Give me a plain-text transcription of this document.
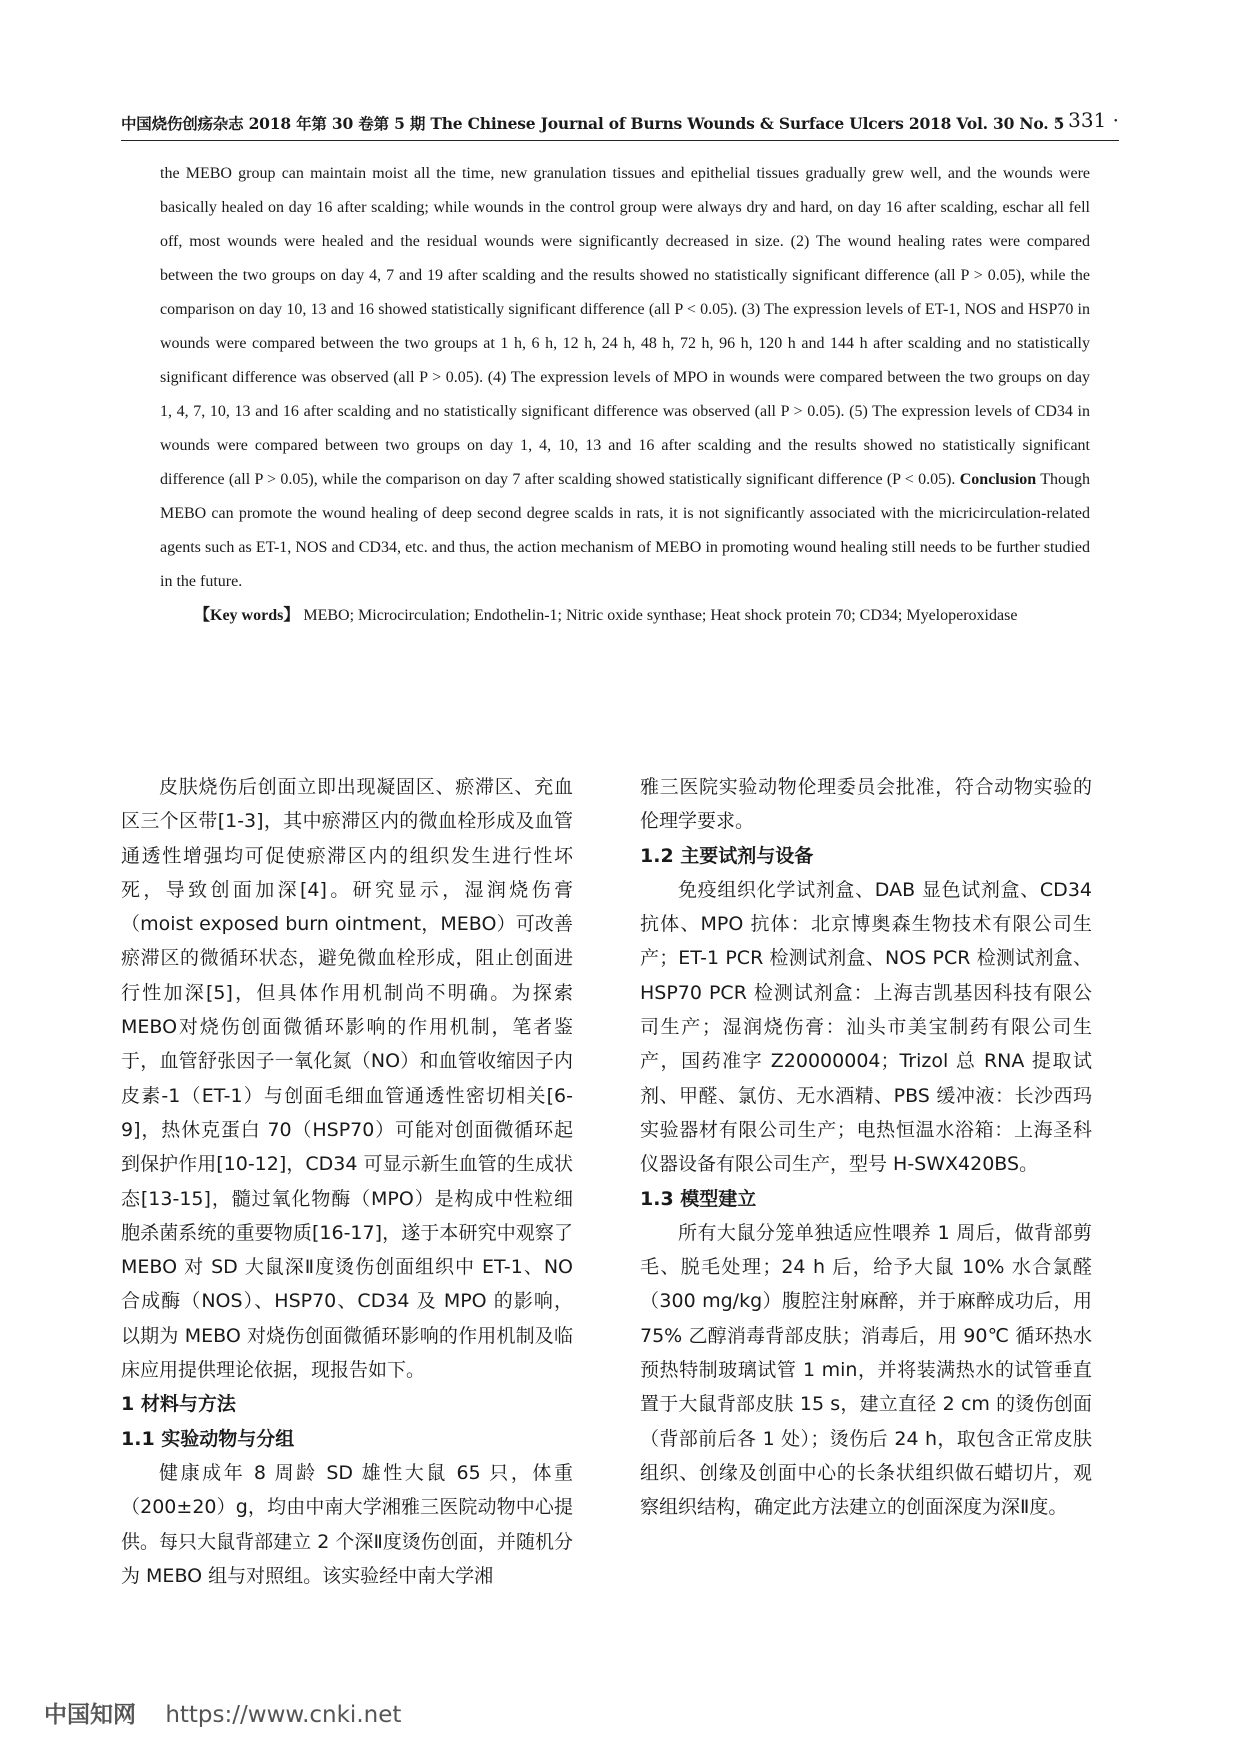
中国烧伤创疡杂志 2018 年第 30 卷第 5 期 The Chinese Journal of Burns Wounds & Surface Ulcers 2018 Vol. 30 No. 5
· 331 ·

the MEBO group can maintain moist all the time, new granulation tissues and epithelial tissues gradually grew well, and the wounds were basically healed on day 16 after scalding; while wounds in the control group were always dry and hard, on day 16 after scalding, eschar all fell off, most wounds were healed and the residual wounds were significantly decreased in size. (2) The wound healing rates were compared between the two groups on day 4, 7 and 19 after scalding and the results showed no statistically significant difference (all P > 0.05), while the comparison on day 10, 13 and 16 showed statistically significant difference (all P < 0.05). (3) The expression levels of ET-1, NOS and HSP70 in wounds were compared between the two groups at 1 h, 6 h, 12 h, 24 h, 48 h, 72 h, 96 h, 120 h and 144 h after scalding and no statistically significant difference was observed (all P > 0.05). (4) The expression levels of MPO in wounds were compared between the two groups on day 1, 4, 7, 10, 13 and 16 after scalding and no statistically significant difference was observed (all P > 0.05). (5) The expression levels of CD34 in wounds were compared between two groups on day 1, 4, 10, 13 and 16 after scalding and the results showed no statistically significant difference (all P > 0.05), while the comparison on day 7 after scalding showed statistically significant difference (P < 0.05). Conclusion Though MEBO can promote the wound healing of deep second degree scalds in rats, it is not significantly associated with the micricirculation-related agents such as ET-1, NOS and CD34, etc. and thus, the action mechanism of MEBO in promoting wound healing still needs to be further studied in the future.

【Key words】 MEBO; Microcirculation; Endothelin-1; Nitric oxide synthase; Heat shock protein 70; CD34; Myeloperoxidase

皮肤烧伤后创面立即出现凝固区、瘀滞区、充血区三个区带[1-3]，其中瘀滞区内的微血栓形成及血管通透性增强均可促使瘀滞区内的组织发生进行性坏死，导致创面加深[4]。研究显示，湿润烧伤膏（moist exposed burn ointment，MEBO）可改善瘀滞区的微循环状态，避免微血栓形成，阻止创面进行性加深[5]，但具体作用机制尚不明确。为探索MEBO对烧伤创面微循环影响的作用机制，笔者鉴于，血管舒张因子一氧化氮（NO）和血管收缩因子内皮素-1（ET-1）与创面毛细血管通透性密切相关[6-9]，热休克蛋白 70（HSP70）可能对创面微循环起到保护作用[10-12]，CD34 可显示新生血管的生成状态[13-15]，髓过氧化物酶（MPO）是构成中性粒细胞杀菌系统的重要物质[16-17]，遂于本研究中观察了 MEBO 对 SD 大鼠深Ⅱ度烫伤创面组织中 ET-1、NO 合成酶（NOS）、HSP70、CD34 及 MPO 的影响，以期为 MEBO 对烧伤创面微循环影响的作用机制及临床应用提供理论依据，现报告如下。

1 材料与方法

1.1 实验动物与分组

健康成年 8 周龄 SD 雄性大鼠 65 只，体重（200±20）g，均由中南大学湘雅三医院动物中心提供。每只大鼠背部建立 2 个深Ⅱ度烫伤创面，并随机分为 MEBO 组与对照组。该实验经中南大学湘

雅三医院实验动物伦理委员会批准，符合动物实验的伦理学要求。

1.2 主要试剂与设备

免疫组织化学试剂盒、DAB 显色试剂盒、CD34 抗体、MPO 抗体：北京博奥森生物技术有限公司生产；ET-1 PCR 检测试剂盒、NOS PCR 检测试剂盒、HSP70 PCR 检测试剂盒：上海吉凯基因科技有限公司生产；湿润烧伤膏：汕头市美宝制药有限公司生产，国药准字 Z20000004；Trizol 总 RNA 提取试剂、甲醛、氯仿、无水酒精、PBS 缓冲液：长沙西玛实验器材有限公司生产；电热恒温水浴箱：上海圣科仪器设备有限公司生产，型号 H-SWX420BS。

1.3 模型建立

所有大鼠分笼单独适应性喂养 1 周后，做背部剪毛、脱毛处理；24 h 后，给予大鼠 10% 水合氯醛（300 mg/kg）腹腔注射麻醉，并于麻醉成功后，用 75% 乙醇消毒背部皮肤；消毒后，用 90℃ 循环热水预热特制玻璃试管 1 min，并将装满热水的试管垂直置于大鼠背部皮肤 15 s，建立直径 2 cm 的烫伤创面（背部前后各 1 处）；烫伤后 24 h，取包含正常皮肤组织、创缘及创面中心的长条状组织做石蜡切片，观察组织结构，确定此方法建立的创面深度为深Ⅱ度。

中国知网 https://www.cnki.net
